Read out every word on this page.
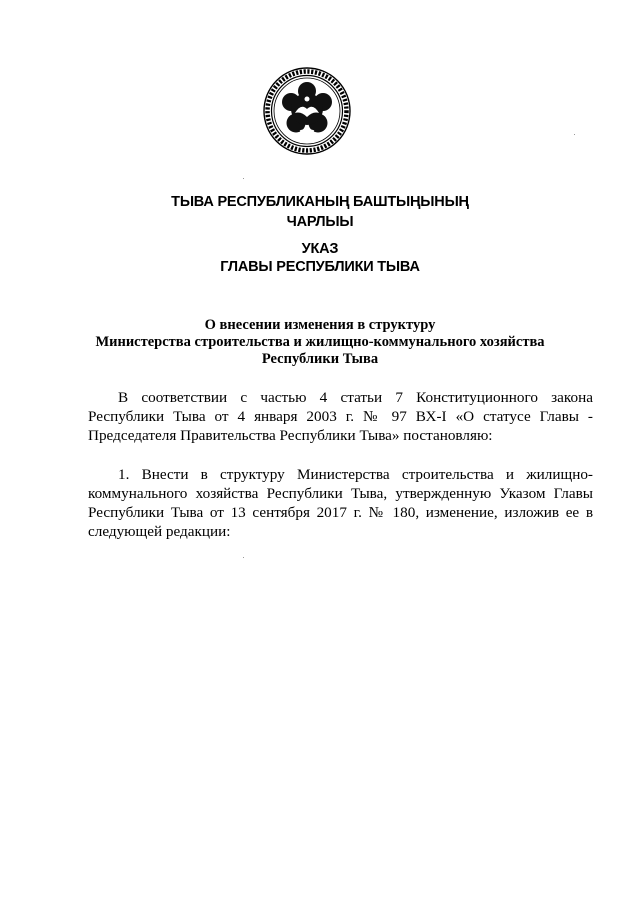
ТЫВА РЕСПУБЛИКАНЫҢ БАШТЫҢЫНЫҢ
ЧАРЛЫЫ
УКАЗ
ГЛАВЫ РЕСПУБЛИКИ ТЫВА
О внесении изменения в структуру
Министерства строительства и жилищно-коммунального хозяйства
Республики Тыва
В соответствии с частью 4 статьи 7 Конституционного закона Республики Тыва от 4 января 2003 г. № 97 ВХ-I «О статусе Главы - Председателя Правительства Республики Тыва» постановляю:
1. Внести в структуру Министерства строительства и жилищно-коммунального хозяйства Республики Тыва, утвержденную Указом Главы Республики Тыва от 13 сентября 2017 г. № 180, изменение, изложив ее в следующей редакции:
